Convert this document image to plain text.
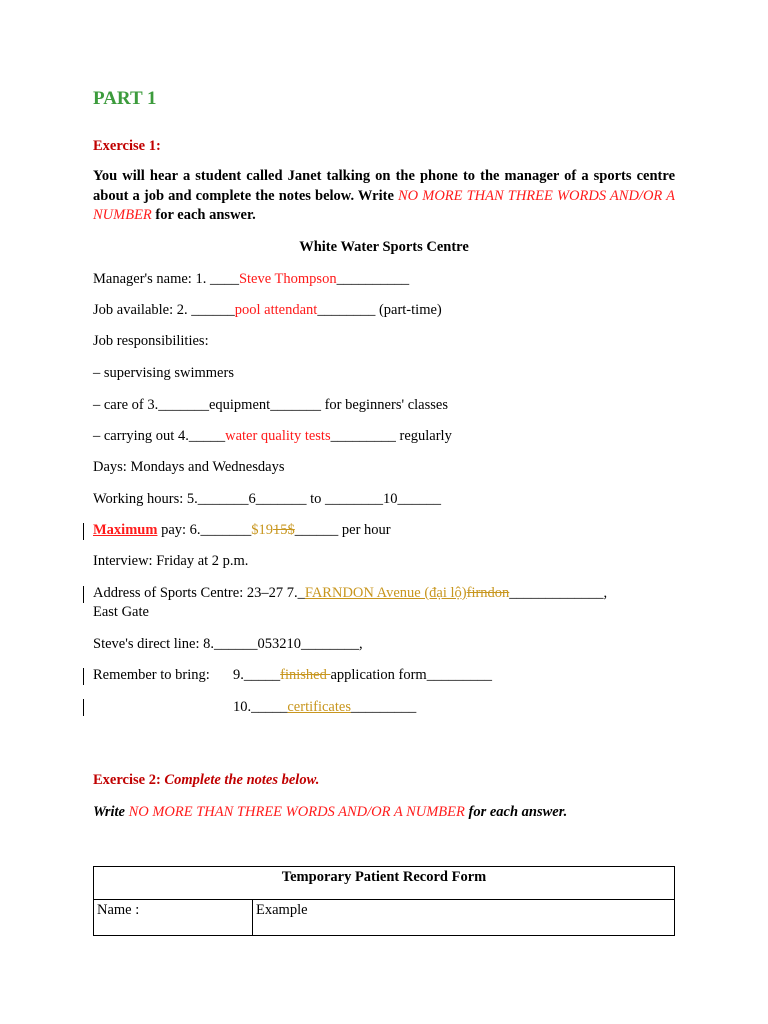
PART 1
Exercise 1:
You will hear a student called Janet talking on the phone to the manager of a sports centre about a job and complete the notes below. Write NO MORE THAN THREE WORDS AND/OR A NUMBER for each answer.
White Water Sports Centre
Manager's name: 1. ____Steve Thompson__________
Job available: 2. ______pool attendant________ (part-time)
Job responsibilities:
– supervising swimmers
– care of 3._______equipment_______ for beginners' classes
– carrying out 4._____water quality tests_________ regularly
Days: Mondays and Wednesdays
Working hours: 5._______6_______ to ________10______
Maximum pay: 6._______$1915$______ per hour
Interview: Friday at 2 p.m.
Address of Sports Centre: 23–27 7._FARNDON Avenue (đại lộ)firndon_____________,
East Gate
Steve's direct line: 8.______053210________,
Remember to bring: 9._____finished application form_________
10._____certificates_________
Exercise 2: Complete the notes below.
Write NO MORE THAN THREE WORDS AND/OR A NUMBER for each answer.
Temporary Patient Record Form
Name :	Example
